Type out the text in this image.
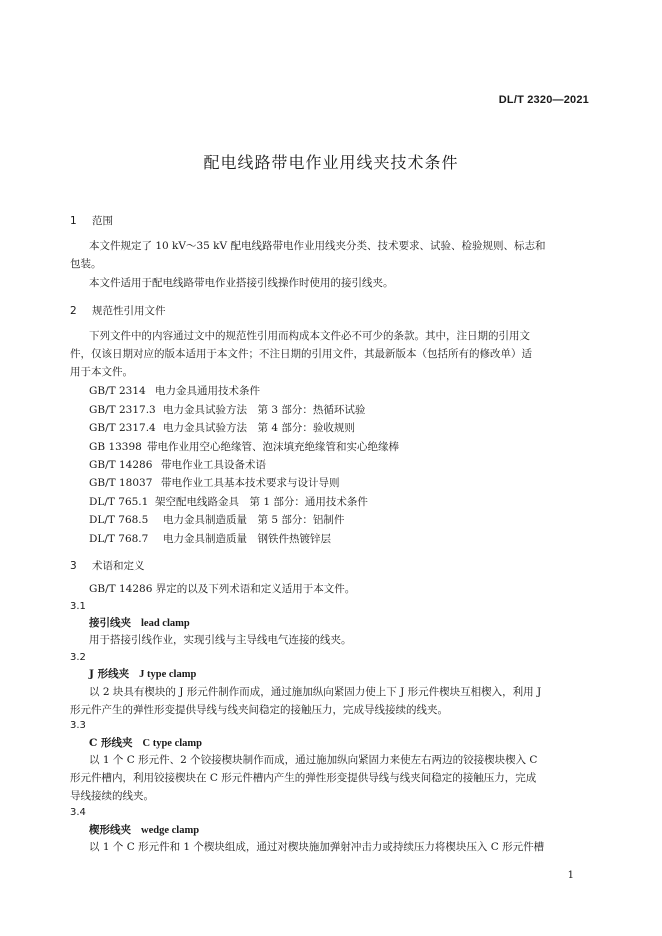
DL/T 2320—2021
配电线路带电作业用线夹技术条件
1 范围
本文件规定了 10 kV～35 kV 配电线路带电作业用线夹分类、技术要求、试验、检验规则、标志和
包装。
本文件适用于配电线路带电作业搭接引线操作时使用的接引线夹。
2 规范性引用文件
下列文件中的内容通过文中的规范性引用而构成本文件必不可少的条款。其中，注日期的引用文
件，仅该日期对应的版本适用于本文件；不注日期的引用文件，其最新版本（包括所有的修改单）适
用于本文件。
GB/T 2314 电力金具通用技术条件
GB/T 2317.3 电力金具试验方法　第 3 部分：热循环试验
GB/T 2317.4 电力金具试验方法　第 4 部分：验收规则
GB 13398 带电作业用空心绝缘管、泡沫填充绝缘管和实心绝缘棒
GB/T 14286 带电作业工具设备术语
GB/T 18037 带电作业工具基本技术要求与设计导则
DL/T 765.1 架空配电线路金具　第 1 部分：通用技术条件
DL/T 768.5 电力金具制造质量　第 5 部分：铝制件
DL/T 768.7 电力金具制造质量　钢铁件热镀锌层
3 术语和定义
GB/T 14286 界定的以及下列术语和定义适用于本文件。
3.1
接引线夹 lead clamp
用于搭接引线作业，实现引线与主导线电气连接的线夹。
3.2
J 形线夹 J type clamp
以 2 块具有楔块的 J 形元件制作而成，通过施加纵向紧固力使上下 J 形元件楔块互相楔入，利用 J
形元件产生的弹性形变提供导线与线夹间稳定的接触压力，完成导线接续的线夹。
3.3
C 形线夹 C type clamp
以 1 个 C 形元件、2 个铰接楔块制作而成，通过施加纵向紧固力来使左右两边的铰接楔块楔入 C
形元件槽内，利用铰接楔块在 C 形元件槽内产生的弹性形变提供导线与线夹间稳定的接触压力，完成
导线接续的线夹。
3.4
楔形线夹 wedge clamp
以 1 个 C 形元件和 1 个楔块组成，通过对楔块施加弹射冲击力或持续压力将楔块压入 C 形元件槽
1
